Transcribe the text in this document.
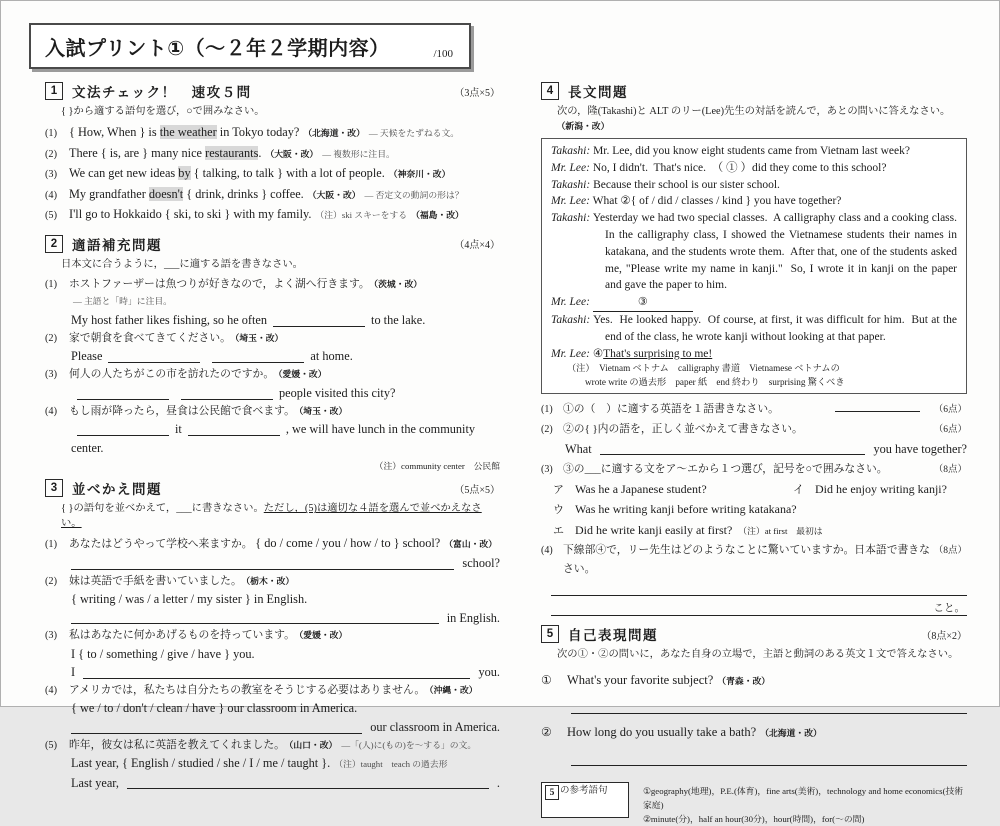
入試プリント①（～２年２学期内容）	/100
1	文法チェック！　速攻５問	（3点×5）
{ }から適する語句を選び，○で囲みなさい。
(1) { How, When } is the weather in Tokyo today? （北海道・改） ― 天候をたずねる文。
(2) There { is, are } many nice restaurants. （大阪・改） ― 複数形に注目。
(3) We can get new ideas by { talking, to talk } with a lot of people. （神奈川・改）
(4) My grandfather doesn't { drink, drinks } coffee. （大阪・改） ― 否定文の動詞の形は？
(5) I'll go to Hokkaido { ski, to ski } with my family. （注）ski スキーをする （福島・改）
2	適語補充問題	（4点×4）
日本文に合うように，___に適する語を書きなさい。
(1)	ホストファーザーは魚つりが好きなので，よく湖へ行きます。 （茨城・改）― 主語と「時」に注目。
My host father likes fishing, so he often	to the lake.
(2)	家で朝食を食べてきてください。 （埼玉・改）
Please	at home.
(3)	何人の人たちがこの市を訪れたのですか。 （愛媛・改）
people visited this city?
(4)	もし雨が降ったら，昼食は公民館で食べます。 （埼玉・改）
it	, we will have lunch in the community center.
（注）community center　公民館
3	並べかえ問題	（5点×5）
{ }の語句を並べかえて，___に書きなさい。ただし，(5)は適切な４語を選んで並べかえなさい。
(1)	あなたはどうやって学校へ来ますか。 { do / come / you / how / to } school? （富山・改）
school?
(2)	妹は英語で手紙を書いていました。 （栃木・改）
{ writing / was / a letter / my sister } in English.
in English.
(3)	私はあなたに何かあげるものを持っています。 （愛媛・改）
I { to / something / give / have } you.
I	you.
(4)	アメリカでは，私たちは自分たちの教室をそうじする必要はありません。 （沖縄・改）
{ we / to / don't / clean / have } our classroom in America.
our classroom in America.
(5)	昨年，彼女は私に英語を教えてくれました。 （山口・改） ―「(人)に(もの)を～する」の文。
Last year, { English / studied / she / I / me / taught }. （注）taught　teach の過去形
Last year,	.
4	長文問題
次の，隆(Takashi)と ALT のリー(Lee)先生の対話を読んで，あとの問いに答えなさい。（新潟・改）
Takashi: Mr. Lee, did you know eight students came from Vietnam last week?
Mr. Lee: No, I didn't.  That's nice.  （ ① ）did they come to this school?
Takashi: Because their school is our sister school.
Mr. Lee: What ②{ of / did / classes / kind } you have together?
Takashi: Yesterday we had two special classes.  A calligraphy class and a cooking class.  In the calligraphy class, I showed the Vietnamese students their names in katakana, and the students wrote them.  After that, one of the students asked me, "Please write my name in kanji."  So, I wrote it in kanji on the paper and gave the paper to him.
Mr. Lee:	③
Takashi: Yes.  He looked happy.  Of course, at first, it was difficult for him.  But at the end of the class, he wrote kanji without looking at that paper.
Mr. Lee: ④That's surprising to me!
（注）  Vietnam ベトナム    calligraphy 書道    Vietnamese ベトナムの
wrote write の過去形    paper 紙    end 終わり    surprising 驚くべき
(1) ①の（　）に適する英語を１語書きなさい。	（6点）
(2) ②の{ }内の語を，正しく並べかえて書きなさい。	（6点）
What	you have together?
(3) ③の___に適する文をア～エから１つ選び，記号を○で囲みなさい。	（8点）
ア Was he a Japanese student?	イ Did he enjoy writing kanji?
ウ Was he writing kanji before writing katakana?
エ Did he write kanji easily at first? （注）at first　最初は
(4) 下線部④で，リー先生はどのようなことに驚いていますか。日本語で書きなさい。
（8点）
こと。
5	自己表現問題	（8点×2）
次の①・②の問いに，あなた自身の立場で，主語と動詞のある英文１文で答えなさい。
①	What's your favorite subject? （青森・改）
②	How long do you usually take a bath? （北海道・改）
5 の参考語句	①geography(地理)，P.E.(体育)，fine arts(美術)，technology and home economics(技術家庭)
②minute(分)，half an hour(30分)，hour(時間)，for(～の間)
